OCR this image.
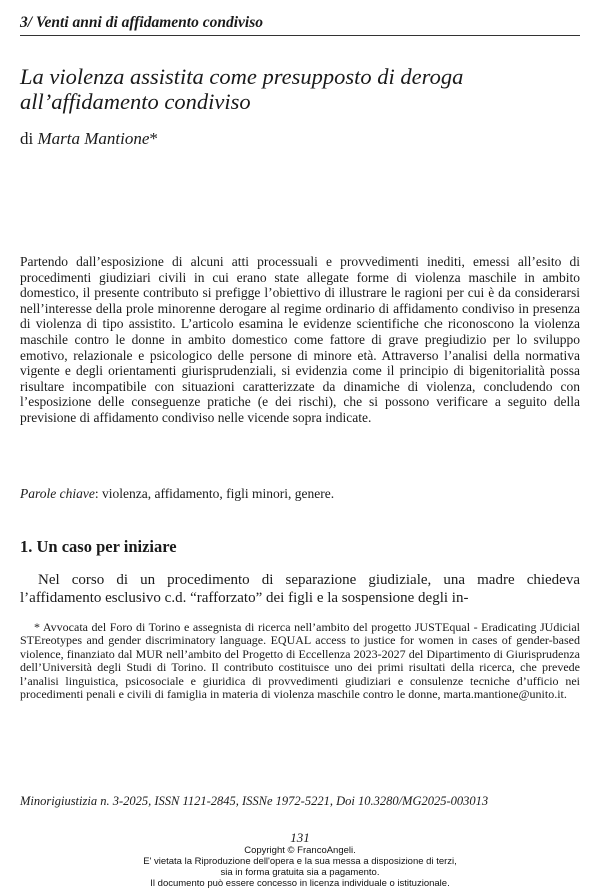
3/ Venti anni di affidamento condiviso
La violenza assistita come presupposto di deroga all’affidamento condiviso
di Marta Mantione*

Partendo dall’esposizione di alcuni atti processuali e provvedimenti inediti, emessi all’esito di procedimenti giudiziari civili in cui erano state allegate forme di violenza maschile in ambito domestico, il presente contributo si prefigge l’obiettivo di illustrare le ragioni per cui è da considerarsi nell’interesse della prole minorenne derogare al regime ordinario di affidamento condiviso in presenza di violenza di tipo assistito. L’articolo esamina le evidenze scientifiche che riconoscono la violenza maschile contro le donne in ambito domestico come fattore di grave pregiudizio per lo sviluppo emotivo, relazionale e psicologico delle persone di minore età. Attraverso l’analisi della normativa vigente e degli orientamenti giurisprudenziali, si evidenzia come il principio di bigenitorialità possa risultare incompatibile con situazioni caratterizzate da dinamiche di violenza, concludendo con l’esposizione delle conseguenze pratiche (e dei rischi), che si possono verificare a seguito della previsione di affidamento condiviso nelle vicende sopra indicate.

Parole chiave: violenza, affidamento, figli minori, genere.
1. Un caso per iniziare

Nel corso di un procedimento di separazione giudiziale, una madre chiedeva l’affidamento esclusivo c.d. “rafforzato” dei figli e la sospensione degli in-

* Avvocata del Foro di Torino e assegnista di ricerca nell’ambito del progetto JUSTEqual - Eradicating JUdicial STEreotypes and gender discriminatory language. EQUAL access to justice for women in cases of gender-based violence, finanziato dal MUR nell’ambito del Progetto di Eccellenza 2023-2027 del Dipartimento di Giurisprudenza dell’Università degli Studi di Torino. Il contributo costituisce uno dei primi risultati della ricerca, che prevede l’analisi linguistica, psicosociale e giuridica di provvedimenti giudiziari e consulenze tecniche d’ufficio nei procedimenti penali e civili di famiglia in materia di violenza maschile contro le donne, marta.mantione@unito.it.

Minorigiustizia n. 3-2025, ISSN 1121-2845, ISSNe 1972-5221, Doi 10.3280/MG2025-003013
131
Copyright © FrancoAngeli.
E' vietata la Riproduzione dell'opera e la sua messa a disposizione di terzi,
sia in forma gratuita sia a pagamento.
Il documento può essere concesso in licenza individuale o istituzionale.
